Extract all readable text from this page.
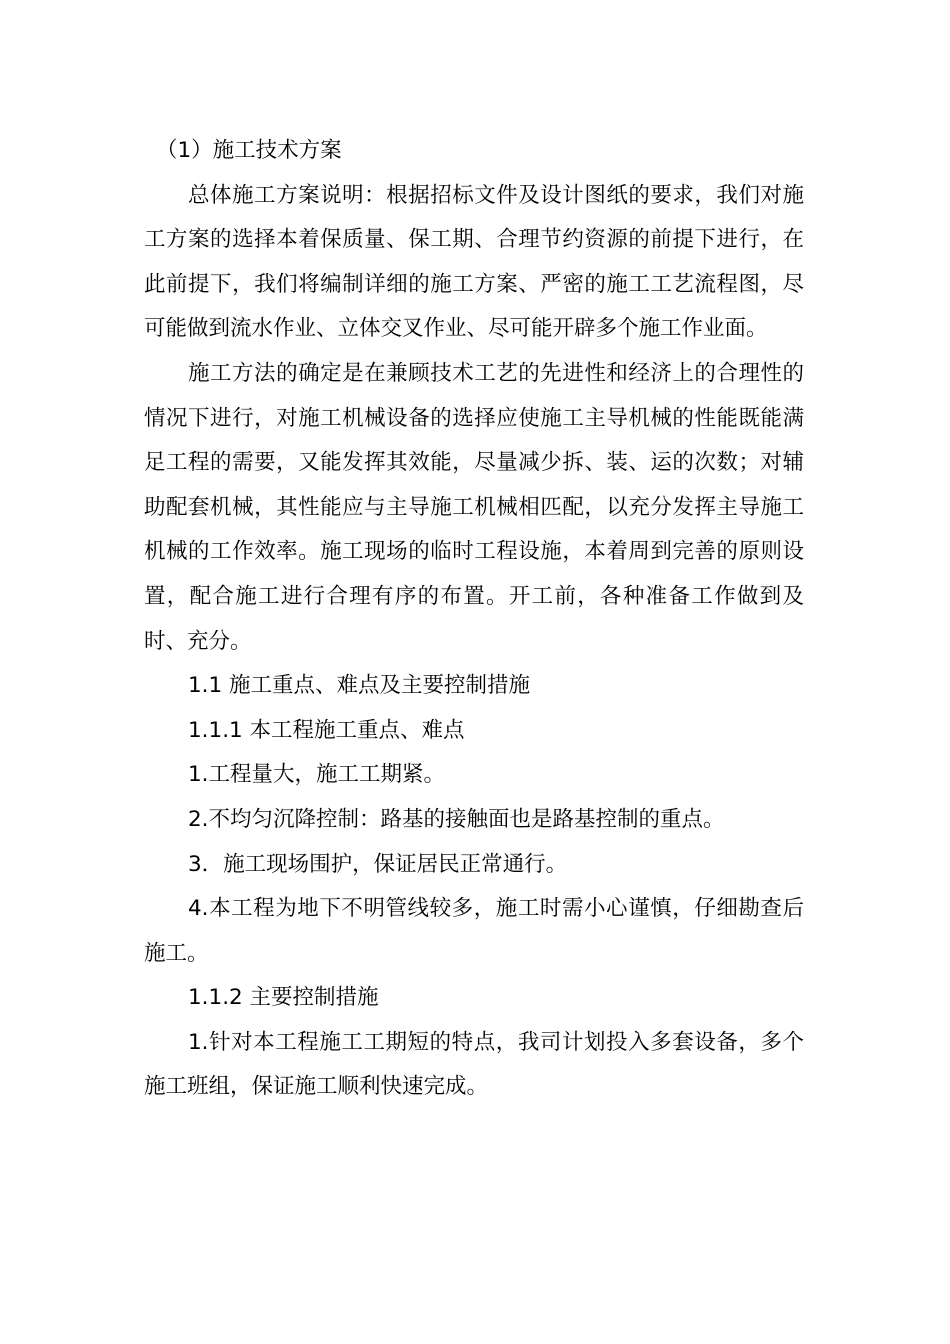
（1）施工技术方案

总体施工方案说明：根据招标文件及设计图纸的要求，我们对施工方案的选择本着保质量、保工期、合理节约资源的前提下进行，在此前提下，我们将编制详细的施工方案、严密的施工工艺流程图，尽可能做到流水作业、立体交叉作业、尽可能开辟多个施工作业面。

施工方法的确定是在兼顾技术工艺的先进性和经济上的合理性的情况下进行，对施工机械设备的选择应使施工主导机械的性能既能满足工程的需要，又能发挥其效能，尽量减少拆、装、运的次数；对辅助配套机械，其性能应与主导施工机械相匹配，以充分发挥主导施工机械的工作效率。施工现场的临时工程设施，本着周到完善的原则设置，配合施工进行合理有序的布置。开工前，各种准备工作做到及时、充分。

1.1 施工重点、难点及主要控制措施

1.1.1 本工程施工重点、难点

1.工程量大，施工工期紧。

2.不均匀沉降控制：路基的接触面也是路基控制的重点。

3．施工现场围护，保证居民正常通行。

4.本工程为地下不明管线较多，施工时需小心谨慎，仔细勘查后施工。

1.1.2 主要控制措施

1.针对本工程施工工期短的特点，我司计划投入多套设备，多个施工班组，保证施工顺利快速完成。
